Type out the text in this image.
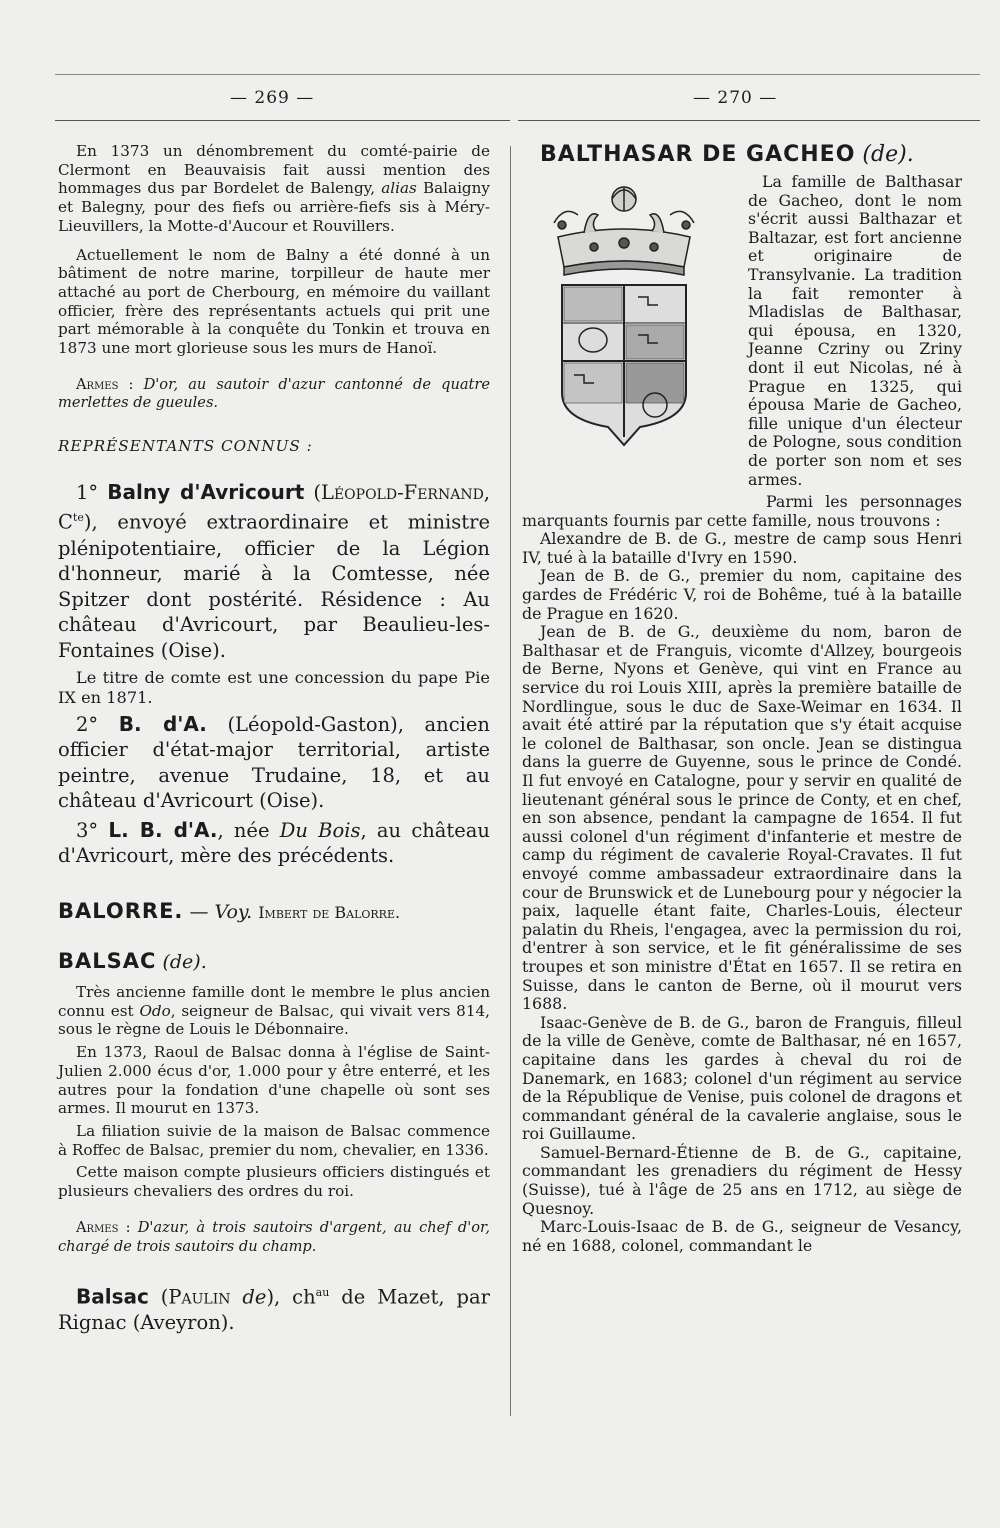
— 269 —	— 270 —

En 1373 un dénombrement du comté-pairie de Clermont en Beauvaisis fait aussi mention des hommages dus par Bordelet de Balengy, alias Balaigny et Balegny, pour des fiefs ou arrière-fiefs sis à Méry-Lieuvillers, la Motte-d'Aucour et Rouvillers.

Actuellement le nom de Balny a été donné à un bâtiment de notre marine, torpilleur de haute mer attaché au port de Cherbourg, en mémoire du vaillant officier, frère des représentants actuels qui prit une part mémorable à la conquête du Tonkin et trouva en 1873 une mort glorieuse sous les murs de Hanoï.

Armes : D'or, au sautoir d'azur cantonné de quatre merlettes de gueules.

REPRÉSENTANTS CONNUS :

1° Balny d'Avricourt (Léopold-Fernand, $C^{te}$), envoyé extraordinaire et ministre plénipotentiaire, officier de la Légion d'honneur, marié à la Comtesse, née Spitzer dont postérité. Résidence : Au château d'Avricourt, par Beaulieu-les-Fontaines (Oise).

Le titre de comte est une concession du pape Pie IX en 1871.

2° B. d'A. (Léopold-Gaston), ancien officier d'état-major territorial, artiste peintre, avenue Trudaine, 18, et au château d'Avricourt (Oise).

3° L. B. d'A., née Du Bois, au château d'Avricourt, mère des précédents.

BALORRE. — Voy. Imbert de Balorre.

BALSAC (de).

Très ancienne famille dont le membre le plus ancien connu est Odo, seigneur de Balsac, qui vivait vers 814, sous le règne de Louis le Débonnaire.

En 1373, Raoul de Balsac donna à l'église de Saint-Julien 2.000 écus d'or, 1.000 pour y être enterré, et les autres pour la fondation d'une chapelle où sont ses armes. Il mourut en 1373.

La filiation suivie de la maison de Balsac commence à Roffec de Balsac, premier du nom, chevalier, en 1336.

Cette maison compte plusieurs officiers distingués et plusieurs chevaliers des ordres du roi.

Armes : D'azur, à trois sautoirs d'argent, au chef d'or, chargé de trois sautoirs du champ.

Balsac (Paulin de), $ch^{au}$ de Mazet, par Rignac (Aveyron).

BALTHASAR DE GACHEO (de).

La famille de Balthasar de Gacheo, dont le nom s'écrit aussi Balthazar et Baltazar, est fort ancienne et originaire de Transylvanie. La tradition la fait remonter à Mladislas de Balthasar, qui épousa, en 1320, Jeanne Czriny ou Zriny dont il eut Nicolas, né à Prague en 1325, qui épousa Marie de Gacheo, fille unique d'un électeur de Pologne, sous condition de porter son nom et ses armes.

Parmi les personnages marquants fournis par cette famille, nous trouvons :

Alexandre de B. de G., mestre de camp sous Henri IV, tué à la bataille d'Ivry en 1590.

Jean de B. de G., premier du nom, capitaine des gardes de Frédéric V, roi de Bohême, tué à la bataille de Prague en 1620.

Jean de B. de G., deuxième du nom, baron de Balthasar et de Franguis, vicomte d'Allzey, bourgeois de Berne, Nyons et Genève, qui vint en France au service du roi Louis XIII, après la première bataille de Nordlingue, sous le duc de Saxe-Weimar en 1634. Il avait été attiré par la réputation que s'y était acquise le colonel de Balthasar, son oncle. Jean se distingua dans la guerre de Guyenne, sous le prince de Condé. Il fut envoyé en Catalogne, pour y servir en qualité de lieutenant général sous le prince de Conty, et en chef, en son absence, pendant la campagne de 1654. Il fut aussi colonel d'un régiment d'infanterie et mestre de camp du régiment de cavalerie Royal-Cravates. Il fut envoyé comme ambassadeur extraordinaire dans la cour de Brunswick et de Lunebourg pour y négocier la paix, laquelle étant faite, Charles-Louis, électeur palatin du Rheis, l'engagea, avec la permission du roi, d'entrer à son service, et le fit généralissime de ses troupes et son ministre d'État en 1657. Il se retira en Suisse, dans le canton de Berne, où il mourut vers 1688.

Isaac-Genève de B. de G., baron de Franguis, filleul de la ville de Genève, comte de Balthasar, né en 1657, capitaine dans les gardes à cheval du roi de Danemark, en 1683; colonel d'un régiment au service de la République de Venise, puis colonel de dragons et commandant général de la cavalerie anglaise, sous le roi Guillaume.

Samuel-Bernard-Étienne de B. de G., capitaine, commandant les grenadiers du régiment de Hessy (Suisse), tué à l'âge de 25 ans en 1712, au siège de Quesnoy.

Marc-Louis-Isaac de B. de G., seigneur de Vesancy, né en 1688, colonel, commandant le
